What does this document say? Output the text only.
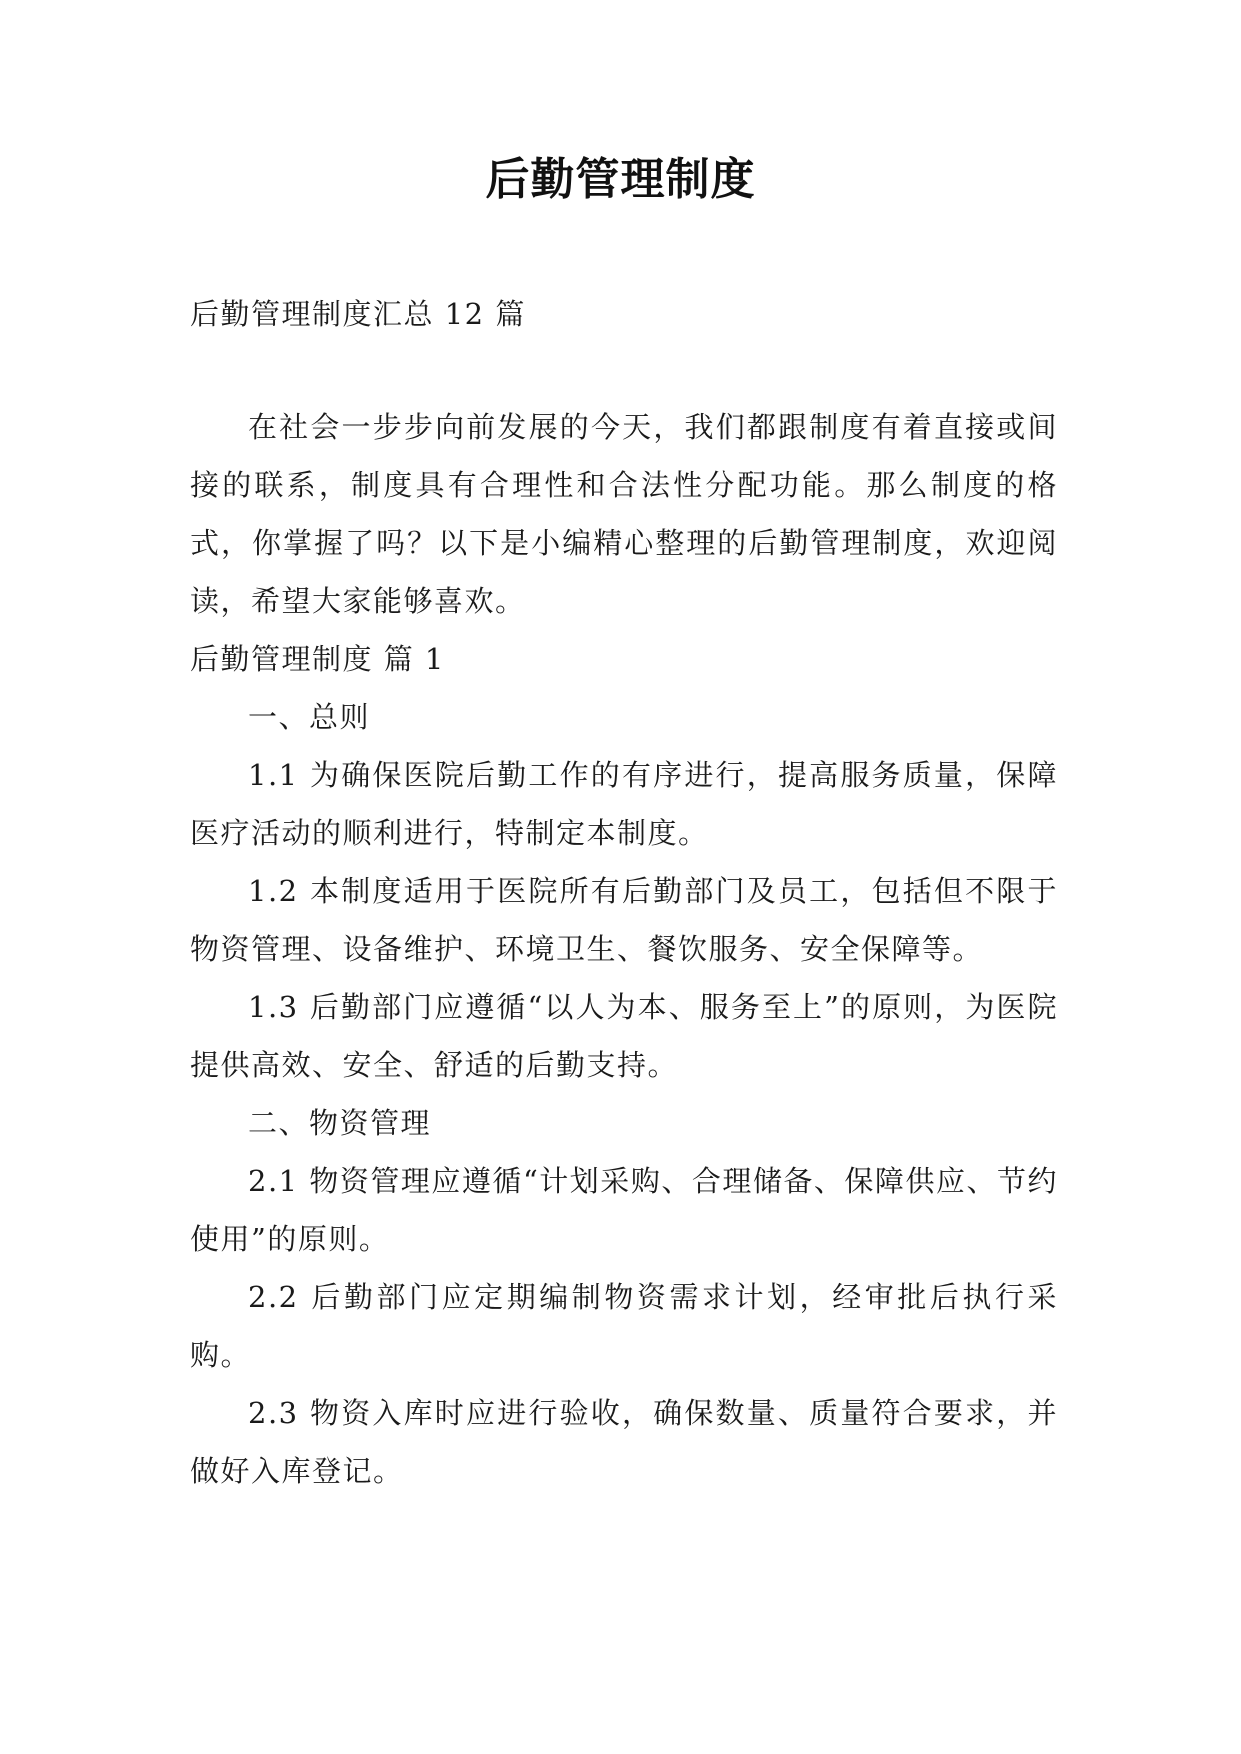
后勤管理制度
后勤管理制度汇总 12 篇

在社会一步步向前发展的今天，我们都跟制度有着直接或间接的联系，制度具有合理性和合法性分配功能。那么制度的格式，你掌握了吗？以下是小编精心整理的后勤管理制度，欢迎阅读，希望大家能够喜欢。

后勤管理制度 篇 1

一、总则

1.1 为确保医院后勤工作的有序进行，提高服务质量，保障医疗活动的顺利进行，特制定本制度。

1.2 本制度适用于医院所有后勤部门及员工，包括但不限于物资管理、设备维护、环境卫生、餐饮服务、安全保障等。

1.3 后勤部门应遵循“以人为本、服务至上”的原则，为医院提供高效、安全、舒适的后勤支持。

二、物资管理

2.1 物资管理应遵循“计划采购、合理储备、保障供应、节约使用”的原则。

2.2 后勤部门应定期编制物资需求计划，经审批后执行采购。

2.3 物资入库时应进行验收，确保数量、质量符合要求，并做好入库登记。
